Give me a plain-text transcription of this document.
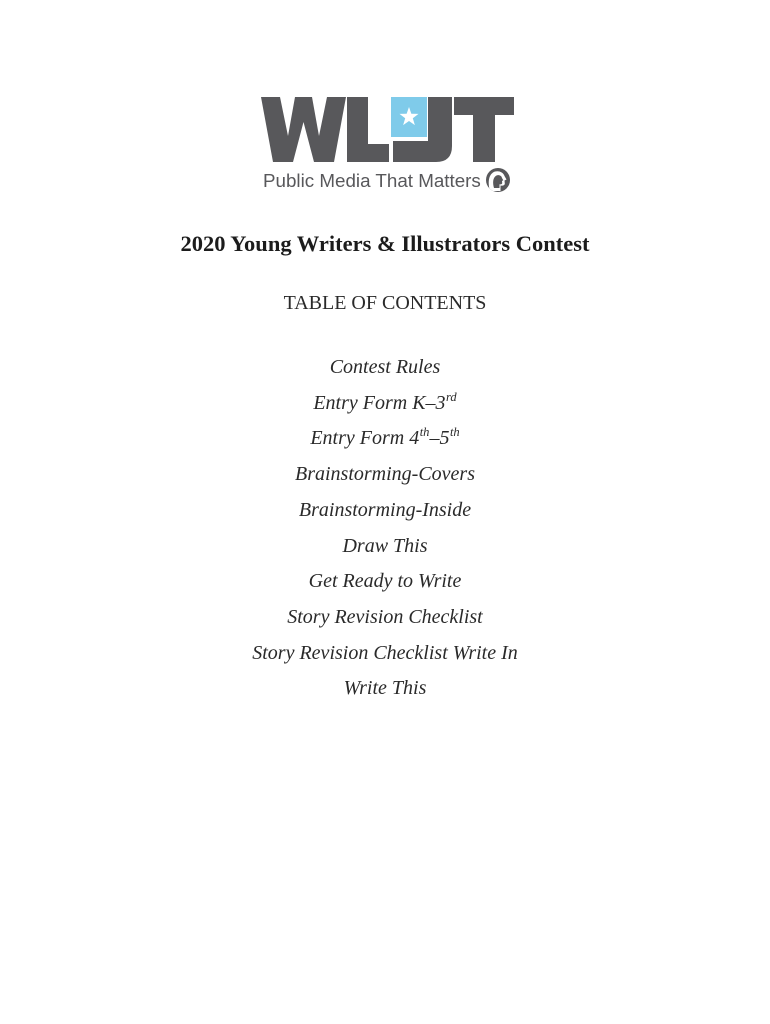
Public Media That Matters
2020 Young Writers & Illustrators Contest
TABLE OF CONTENTS
Contest Rules
Entry Form K–3rd
Entry Form 4th–5th
Brainstorming-Covers
Brainstorming-Inside
Draw This
Get Ready to Write
Story Revision Checklist
Story Revision Checklist Write In
Write This
